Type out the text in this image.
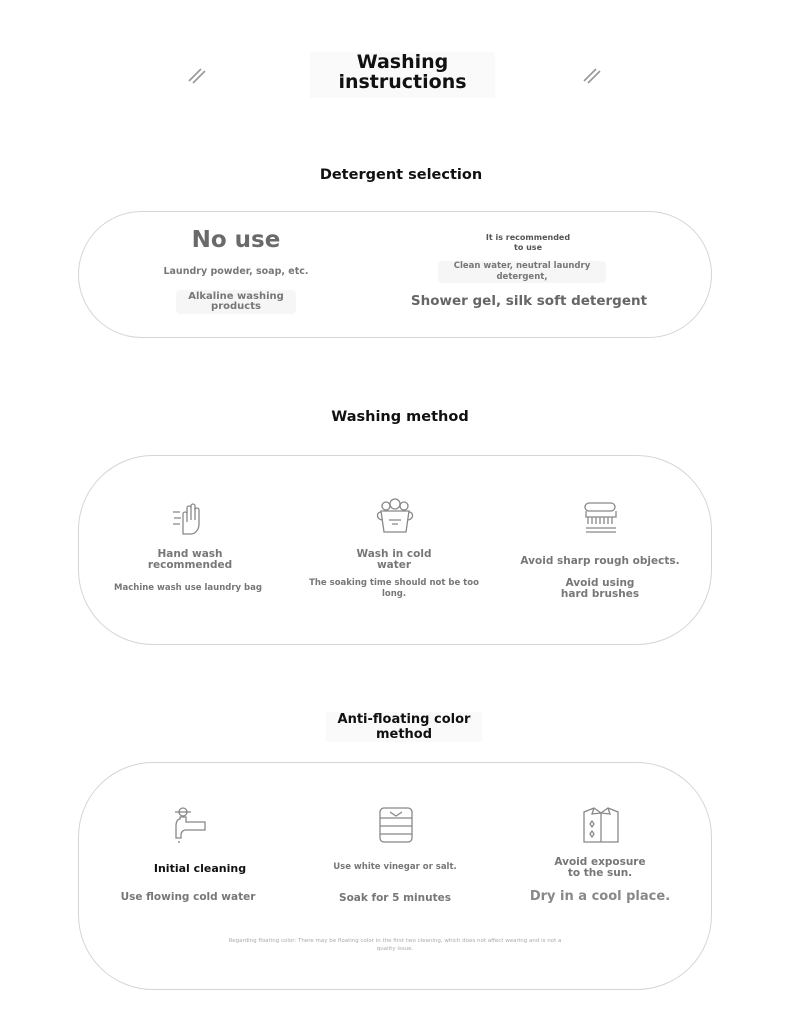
Washing
instructions
Detergent selection
No use
Laundry powder, soap, etc.
Alkaline washing
products
It is recommended
to use
Clean water, neutral laundry
detergent,
Shower gel, silk soft detergent
Washing method
Hand wash
recommended
Machine wash use laundry bag
Wash in cold
water
The soaking time should not be too
long.
Avoid sharp rough objects.
Avoid using
hard brushes
Anti-floating color
method
Initial cleaning
Use flowing cold water
Use white vinegar or salt.
Soak for 5 minutes
Avoid exposure
to the sun.
Dry in a cool place.
Regarding floating color: There may be floating color in the first two cleaning, which does not affect wearing and is not a
quality issue.
